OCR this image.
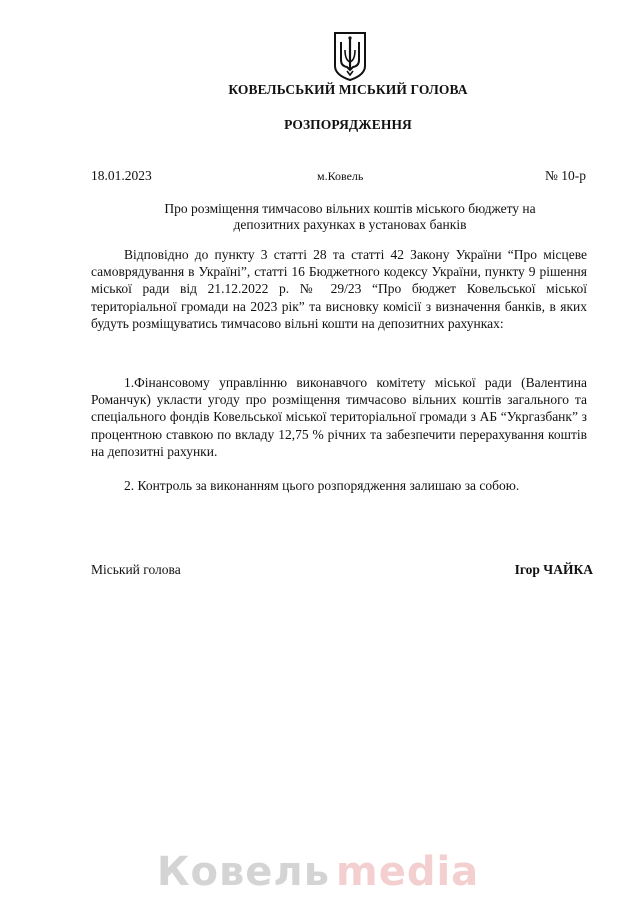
КОВЕЛЬСЬКИЙ МІСЬКИЙ ГОЛОВА
РОЗПОРЯДЖЕННЯ
18.01.2023	м.Ковель	№ 10-р
Про розміщення тимчасово вільних коштів міського бюджету на
депозитних рахунках в установах банків
Відповідно до пункту 3 статті 28 та статті 42 Закону України “Про місцеве самоврядування в Україні”, статті 16 Бюджетного кодексу України, пункту 9 рішення міської ради від 21.12.2022 р. № 29/23 “Про бюджет Ковельської міської територіальної громади на 2023 рік” та висновку комісії з визначення банків, в яких будуть розміщуватись тимчасово вільні кошти на депозитних рахунках:
1.Фінансовому управлінню виконавчого комітету міської ради (Валентина Романчук) укласти угоду про розміщення тимчасово вільних коштів загального та спеціального фондів Ковельської міської територіальної громади з АБ “Укргазбанк” з процентною ставкою по вкладу 12,75 % річних та забезпечити перерахування коштів на депозитні рахунки.
2. Контроль за виконанням цього розпорядження залишаю за собою.
Міський голова	Ігор ЧАЙКА
Ковель media
